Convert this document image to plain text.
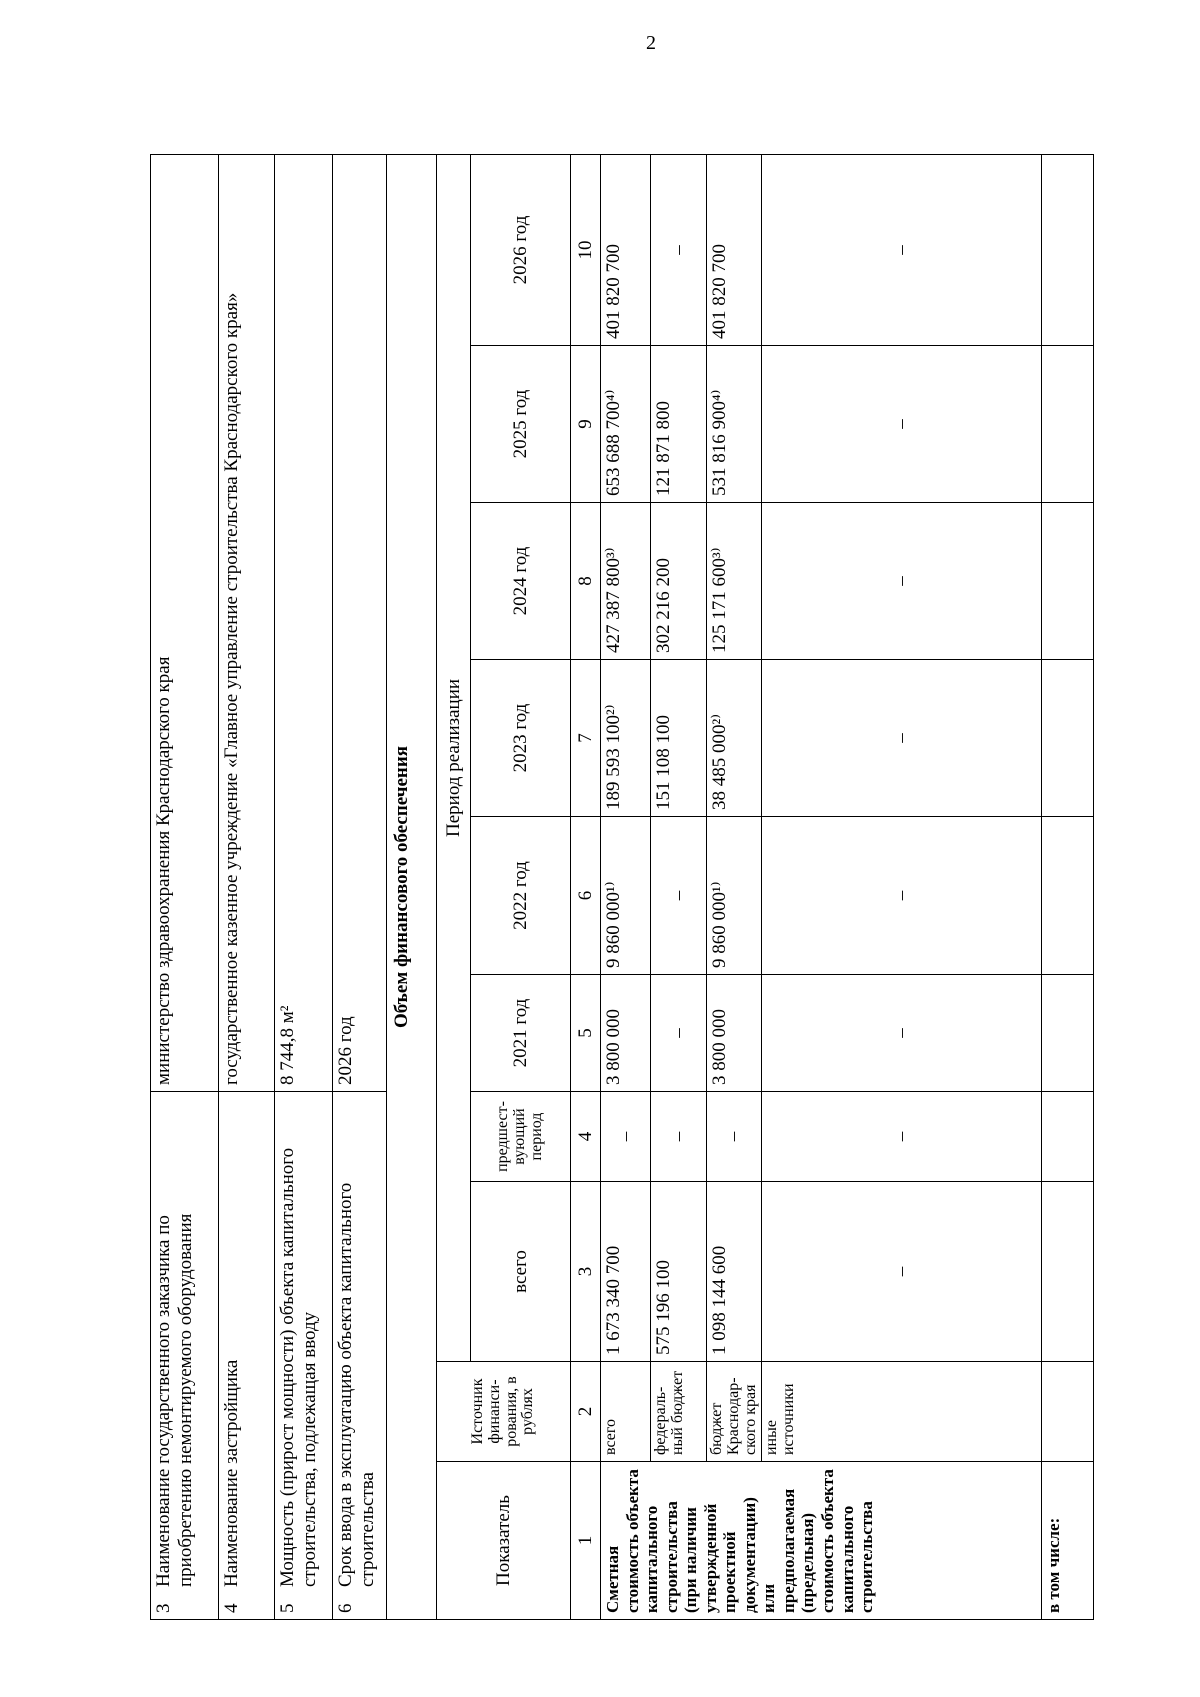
2
3
Наименование государственного заказчика по приобретению немонтируемого оборудования				министерство здравоохранения Краснодарского края					

4
Наименование застройщика				государственное казенное учреждение «Главное управление строительства Краснодарского края»					

5
Мощность (прирост мощности) объекта капитального строительства, подлежащая вводу				8 744,8 м²					

6
Срок ввода в эксплуатацию объекта капитального строительства				2026 год					
Объем финансового обеспечения									
Показатель	Источник финанси-рования, в рублях	Период реализации							
		всего	предшест-вующий период	2021 год	2022 год	2023 год	2024 год	2025 год	2026 год
1	2	3	4	5	6	7	8	9	10
Сметная стоимость объекта капитального строительства (при наличии утвержденной проектной документации) или предполагаемая (предельная) стоимость объекта капитального строительства	всего	1 673 340 700	–	3 800 000	9 860 000¹⁾	189 593 100²⁾	427 387 800³⁾	653 688 700⁴⁾	401 820 700
	федераль-ный бюджет	575 196 100	–	–	–	151 108 100	302 216 200	121 871 800	–
	бюджет Краснодар-ского края	1 098 144 600	–	3 800 000	9 860 000¹⁾	38 485 000²⁾	125 171 600³⁾	531 816 900⁴⁾	401 820 700
	иные источники	–	–	–	–	–	–	–	–
в том числе:									
